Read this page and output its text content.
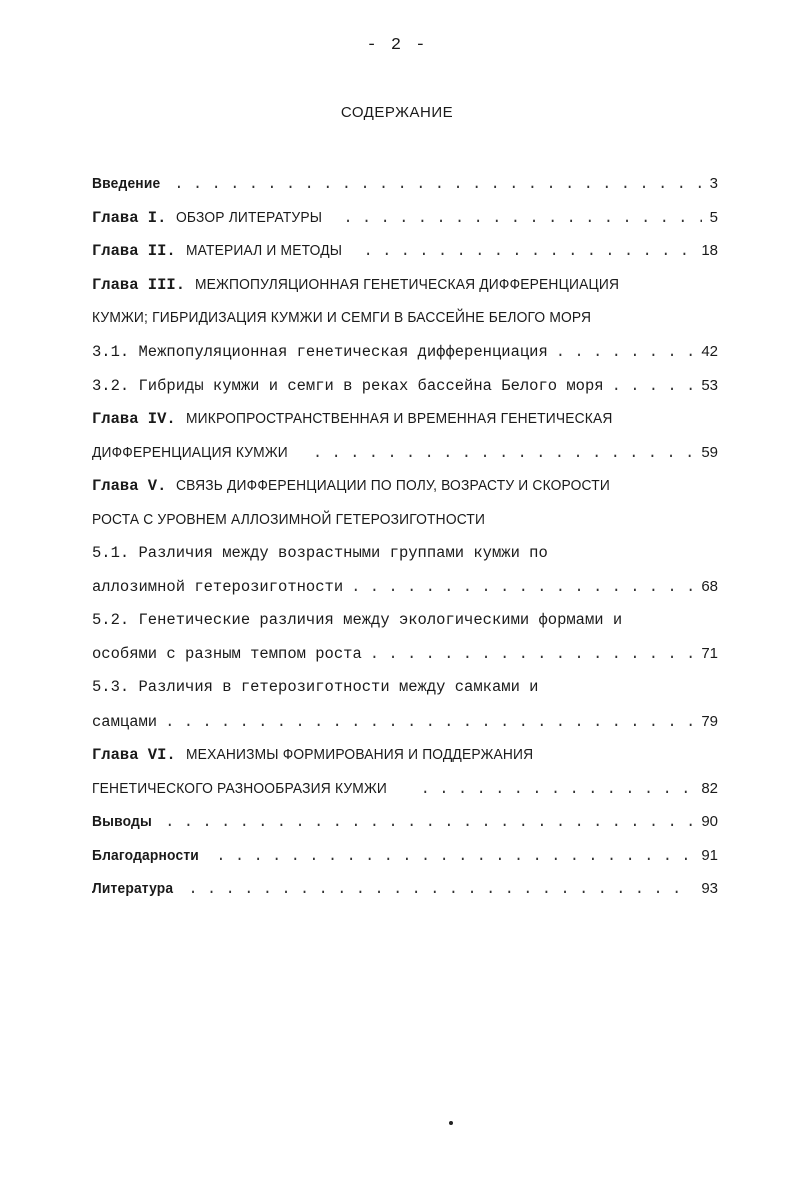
- 2 -
СОДЕРЖАНИЕ
Введение . . .	3
Глава I. ОБЗОР ЛИТЕРАТУРЫ . . .	5
Глава II. МАТЕРИАЛ И МЕТОДЫ . . .	18
Глава III. МЕЖПОПУЛЯЦИОННАЯ ГЕНЕТИЧЕСКАЯ ДИФФЕРЕНЦИАЦИЯ
КУМЖИ; ГИБРИДИЗАЦИЯ КУМЖИ И СЕМГИ В БАССЕЙНЕ БЕЛОГО МОРЯ
3.1. Межпопуляционная генетическая дифференциация . . .	42
3.2. Гибриды кумжи и семги в реках бассейна Белого моря . . .	53
Глава IV. МИКРОПРОСТРАНСТВЕННАЯ И ВРЕМЕННАЯ ГЕНЕТИЧЕСКАЯ
ДИФФЕРЕНЦИАЦИЯ КУМЖИ . . .	59
Глава V. СВЯЗЬ ДИФФЕРЕНЦИАЦИИ ПО ПОЛУ, ВОЗРАСТУ И СКОРОСТИ
РОСТА С УРОВНЕМ АЛЛОЗИМНОЙ ГЕТЕРОЗИГОТНОСТИ
5.1. Различия между возрастными группами кумжи по
аллозимной гетерозиготности . . .	68
5.2. Генетические различия между экологическими формами и
особями с разным темпом роста . . .	71
5.3. Различия в гетерозиготности между самками и
самцами . . .	79
Глава VI. МЕХАНИЗМЫ ФОРМИРОВАНИЯ И ПОДДЕРЖАНИЯ
ГЕНЕТИЧЕСКОГО РАЗНООБРАЗИЯ КУМЖИ . . .	82
Выводы . . .	90
Благодарности . . .	91
Литература . . .	93
